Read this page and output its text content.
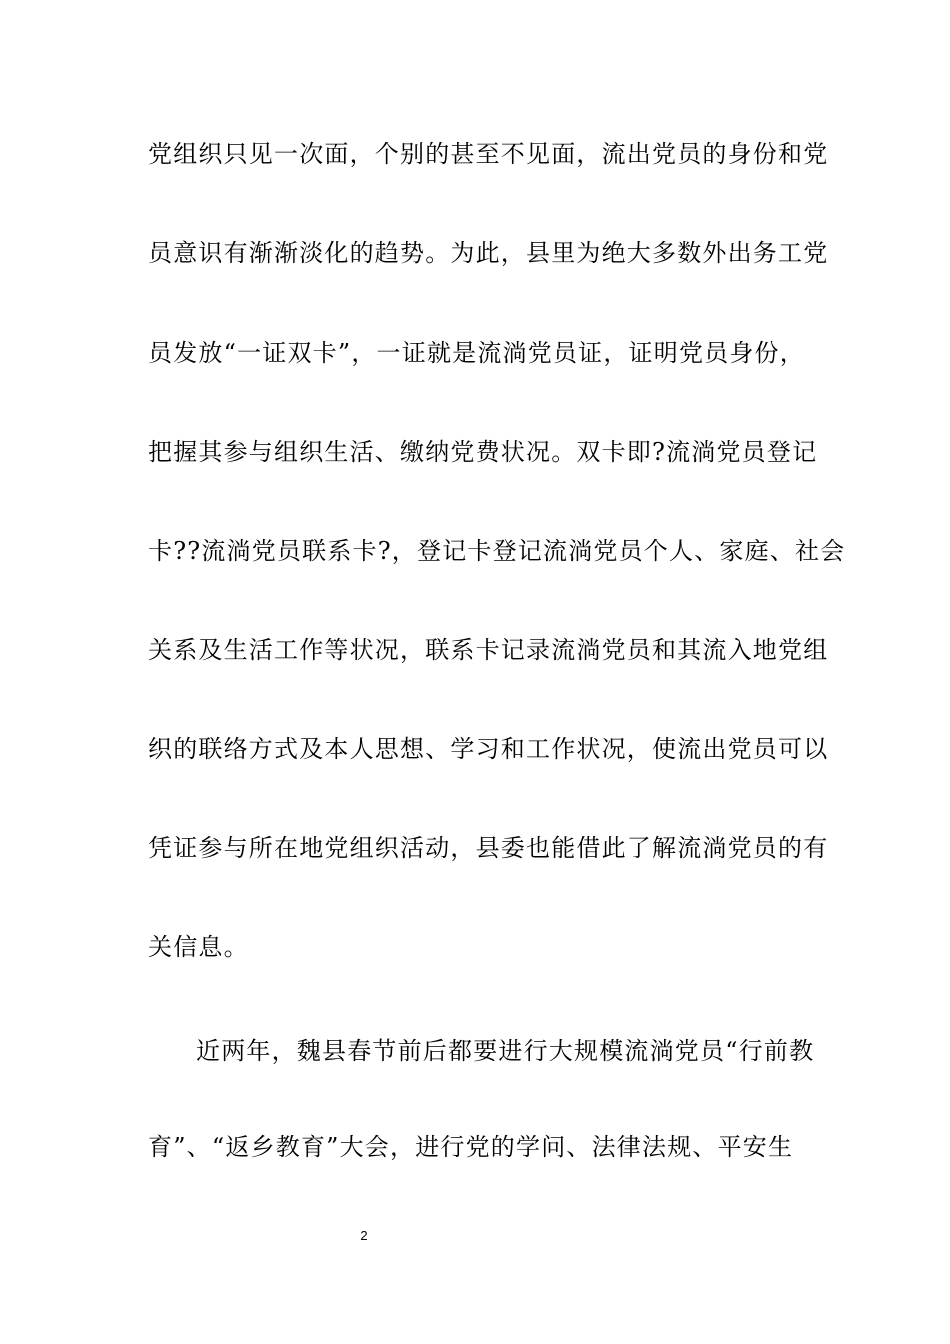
党组织只见一次面，个别的甚至不见面，流出党员的身份和党
员意识有渐渐淡化的趋势。为此，县里为绝大多数外出务工党
员发放“一证双卡”，一证就是流淌党员证，证明党员身份，
把握其参与组织生活、缴纳党费状况。双卡即?流淌党员登记
卡??流淌党员联系卡?，登记卡登记流淌党员个人、家庭、社会
关系及生活工作等状况，联系卡记录流淌党员和其流入地党组
织的联络方式及本人思想、学习和工作状况，使流出党员可以
凭证参与所在地党组织活动，县委也能借此了解流淌党员的有
关信息。
近两年，魏县春节前后都要进行大规模流淌党员“行前教
育”、“返乡教育”大会，进行党的学问、法律法规、平安生
2
